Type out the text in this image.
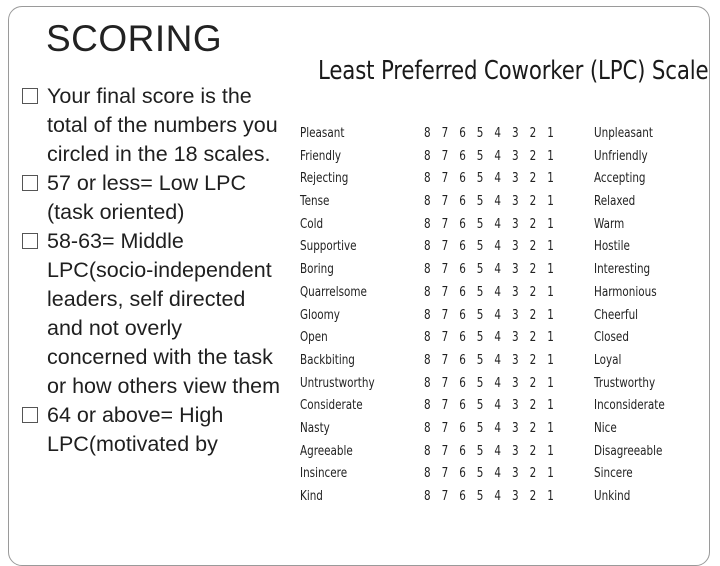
SCORING
Your final score is the total of the numbers you circled in the 18 scales.
57 or less= Low LPC (task oriented)
58-63= Middle LPC(socio-independent leaders, self directed and not overly concerned with the task or how others view them
64 or above= High LPC(motivated by
Least Preferred Coworker (LPC) Scale
Pleasant	8 7 6 5 4 3 2 1	Unpleasant
Friendly	8 7 6 5 4 3 2 1	Unfriendly
Rejecting	8 7 6 5 4 3 2 1	Accepting
Tense	8 7 6 5 4 3 2 1	Relaxed
Cold	8 7 6 5 4 3 2 1	Warm
Supportive	8 7 6 5 4 3 2 1	Hostile
Boring	8 7 6 5 4 3 2 1	Interesting
Quarrelsome	8 7 6 5 4 3 2 1	Harmonious
Gloomy	8 7 6 5 4 3 2 1	Cheerful
Open	8 7 6 5 4 3 2 1	Closed
Backbiting	8 7 6 5 4 3 2 1	Loyal
Untrustworthy	8 7 6 5 4 3 2 1	Trustworthy
Considerate	8 7 6 5 4 3 2 1	Inconsiderate
Nasty	8 7 6 5 4 3 2 1	Nice
Agreeable	8 7 6 5 4 3 2 1	Disagreeable
Insincere	8 7 6 5 4 3 2 1	Sincere
Kind	8 7 6 5 4 3 2 1	Unkind
